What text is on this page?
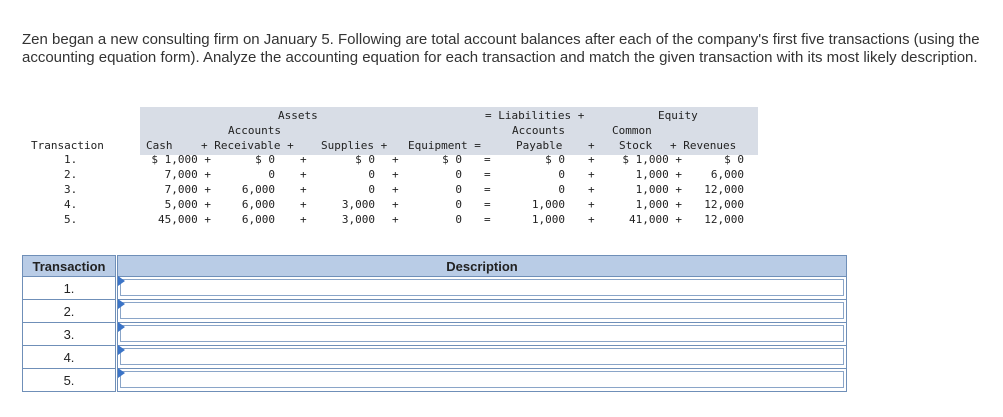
Zen began a new consulting firm on January 5. Following are total account balances after each of the company's first five transactions (using the accounting equation form). Analyze the accounting equation for each transaction and match the given transaction with its most likely description.
Assets	= Liabilities +	Equity
Accounts	Accounts	Common
Transaction	Cash	+ Receivable + Supplies + Equipment =	Payable + Stock + Revenues
1.	$ 1,000 +	$ 0 +	$ 0 +	$ 0 =	$ 0 +	$ 1,000 +	$ 0
2.	7,000 +	0 +	0 +	0 =	0 +	1,000 +	6,000
3.	7,000 +	6,000 +	0 +	0 =	0 +	1,000 +	12,000
4.	5,000 +	6,000 +	3,000 +	0 =	1,000 +	1,000 +	12,000
5.	45,000 +	6,000 +	3,000 +	0 =	1,000 +	41,000 +	12,000
Transaction	Description
1.
2.
3.
4.
5.
